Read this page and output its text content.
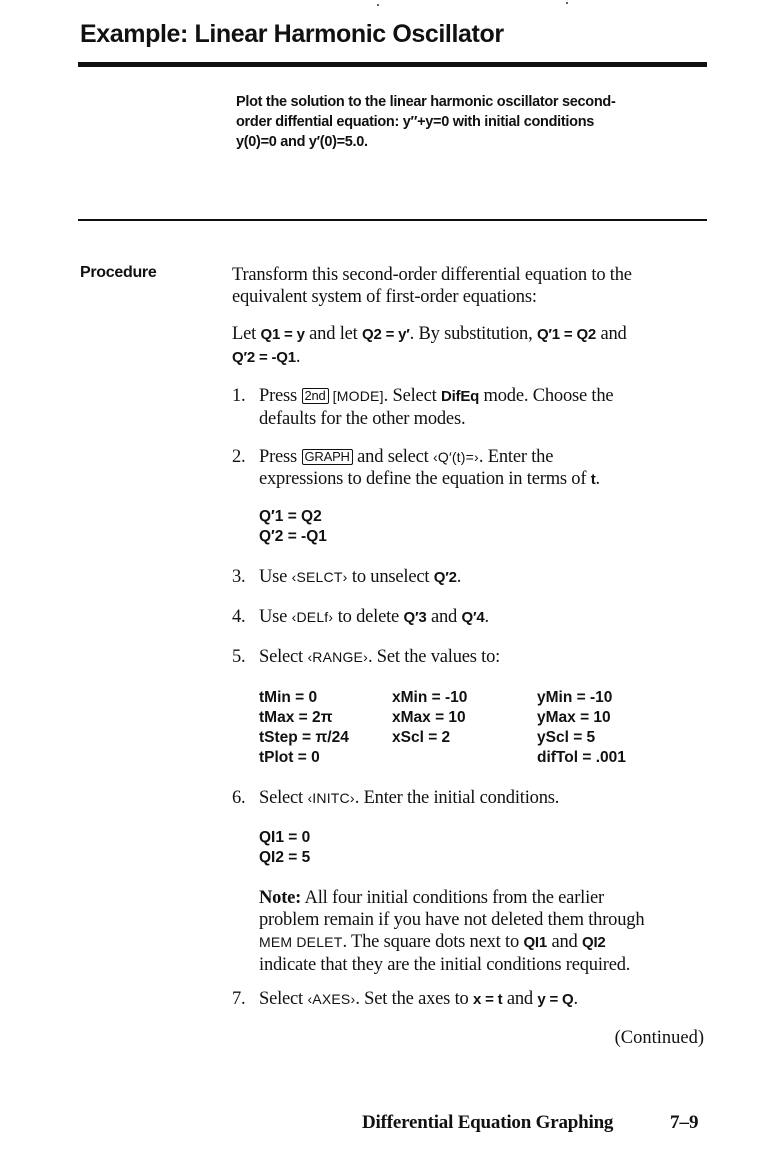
Example: Linear Harmonic Oscillator
Plot the solution to the linear harmonic oscillator second-
order diffential equation: y″+y=0 with initial conditions
y(0)=0 and y′(0)=5.0.
Procedure	Transform this second-order differential equation to the
equivalent system of first-order equations:
Let Q1 = y and let Q2 = y′. By substitution, Q′1 = Q2 and
Q′2 = -Q1.
1. Press 2nd [MODE]. Select DifEq mode. Choose the
defaults for the other modes.
2. Press GRAPH and select ‹Q′(t)=›. Enter the
expressions to define the equation in terms of t.
Q′1 = Q2
Q′2 = -Q1
3. Use ‹SELCT› to unselect Q′2.
4. Use ‹DELf› to delete Q′3 and Q′4.
5. Select ‹RANGE›. Set the values to:
tMin = 0
tMax = 2π
tStep = π/24
tPlot = 0
xMin = -10
xMax = 10
xScl = 2
yMin = -10
yMax = 10
yScl = 5
difTol = .001
6. Select ‹INITC›. Enter the initial conditions.
QI1 = 0
QI2 = 5
Note: All four initial conditions from the earlier
problem remain if you have not deleted them through
MEM DELET. The square dots next to QI1 and QI2
indicate that they are the initial conditions required.
7. Select ‹AXES›. Set the axes to x = t and y = Q.
(Continued)
Differential Equation Graphing	7–9
